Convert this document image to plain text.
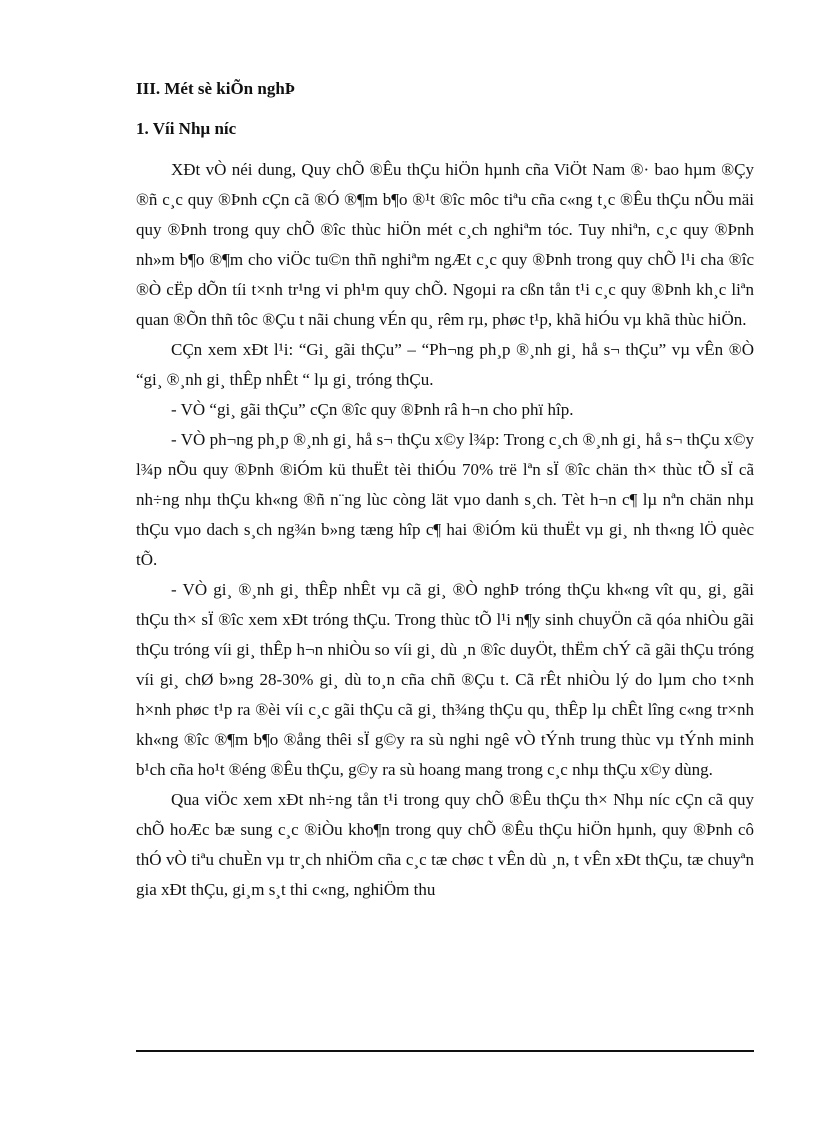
III. Mét sè kiÕn nghÞ
1. Víi Nhµ níc

XÐt vÒ néi dung, Quy chÕ ®Êu thÇu hiÖn hµnh cña ViÖt Nam ®· bao hµm ®Çy ®ñ c¸c quy ®Þnh cÇn cã ®Ó ®¶m b¶o ®¹t ®îc môc tiªu cña c«ng t¸c ®Êu thÇu nÕu mäi quy ®Þnh trong quy chÕ ®îc thùc hiÖn mét c¸ch nghiªm tóc. Tuy nhiªn, c¸c quy ®Þnh nh»m b¶o ®¶m cho viÖc tu©n thñ nghiªm ngÆt c¸c quy ®Þnh trong quy chÕ l¹i cha ®îc ®Ò cËp dÕn tíi t×nh tr¹ng vi ph¹m quy chÕ. Ngoµi ra cßn tån t¹i c¸c quy ®Þnh kh¸c liªn quan ®Õn thñ tôc ®Çu t nãi chung vÉn qu¸ rêm rµ, phøc t¹p, khã hiÓu vµ khã thùc hiÖn.

CÇn xem xÐt l¹i: “Gi¸ gãi thÇu” – “Ph¬ng ph¸p ®¸nh gi¸ hå s¬ thÇu” vµ vÊn ®Ò “gi¸ ®¸nh gi¸ thÊp nhÊt “ lµ gi¸ tróng thÇu.

- VÒ “gi¸ gãi thÇu” cÇn ®îc quy ®Þnh râ h¬n cho phï hîp.

- VÒ ph¬ng ph¸p ®¸nh gi¸ hå s¬ thÇu x©y l¾p: Trong c¸ch ®¸nh gi¸ hå s¬ thÇu x©y l¾p nÕu quy ®Þnh ®iÓm kü thuËt tèi thiÓu 70% trë lªn sÏ ®îc chän th× thùc tÕ sÏ cã nh÷ng nhµ thÇu kh«ng ®ñ n¨ng lùc còng lät vµo danh s¸ch. Tèt h¬n c¶ lµ nªn chän nhµ thÇu vµo dach s¸ch ng¾n b»ng tæng hîp c¶ hai ®iÓm kü thuËt vµ gi¸ nh th«ng lÖ quèc tÕ.

- VÒ gi¸ ®¸nh gi¸ thÊp nhÊt vµ cã gi¸ ®Ò nghÞ tróng thÇu kh«ng vît qu¸ gi¸ gãi thÇu th× sÏ ®îc xem xÐt tróng thÇu. Trong thùc tÕ l¹i n¶y sinh chuyÖn cã qóa nhiÒu gãi thÇu tróng víi gi¸ thÊp h¬n nhiÒu so víi gi¸ dù ¸n ®îc duyÖt, thËm chÝ cã gãi thÇu tróng víi gi¸ chØ b»ng 28-30% gi¸ dù to¸n cña chñ ®Çu t. Cã rÊt nhiÒu lý do lµm cho t×nh h×nh phøc t¹p ra ®èi víi c¸c gãi thÇu cã gi¸ th¾ng thÇu qu¸ thÊp lµ chÊt lîng c«ng tr×nh kh«ng ®îc ®¶m b¶o ®ång thêi sÏ g©y ra sù nghi ngê vÒ tÝnh trung thùc vµ tÝnh minh b¹ch cña ho¹t ®éng ®Êu thÇu, g©y ra sù hoang mang trong c¸c nhµ thÇu x©y dùng.

Qua viÖc xem xÐt nh÷ng tån t¹i trong quy chÕ ®Êu thÇu th× Nhµ níc cÇn cã quy chÕ hoÆc bæ sung c¸c ®iÒu kho¶n trong quy chÕ ®Êu thÇu hiÖn hµnh, quy ®Þnh cô thÓ vÒ tiªu chuÈn vµ tr¸ch nhiÖm cña c¸c tæ chøc t vÊn dù ¸n, t vÊn xÐt thÇu, tæ chuyªn gia xÐt thÇu, gi¸m s¸t thi c«ng, nghiÖm thu
